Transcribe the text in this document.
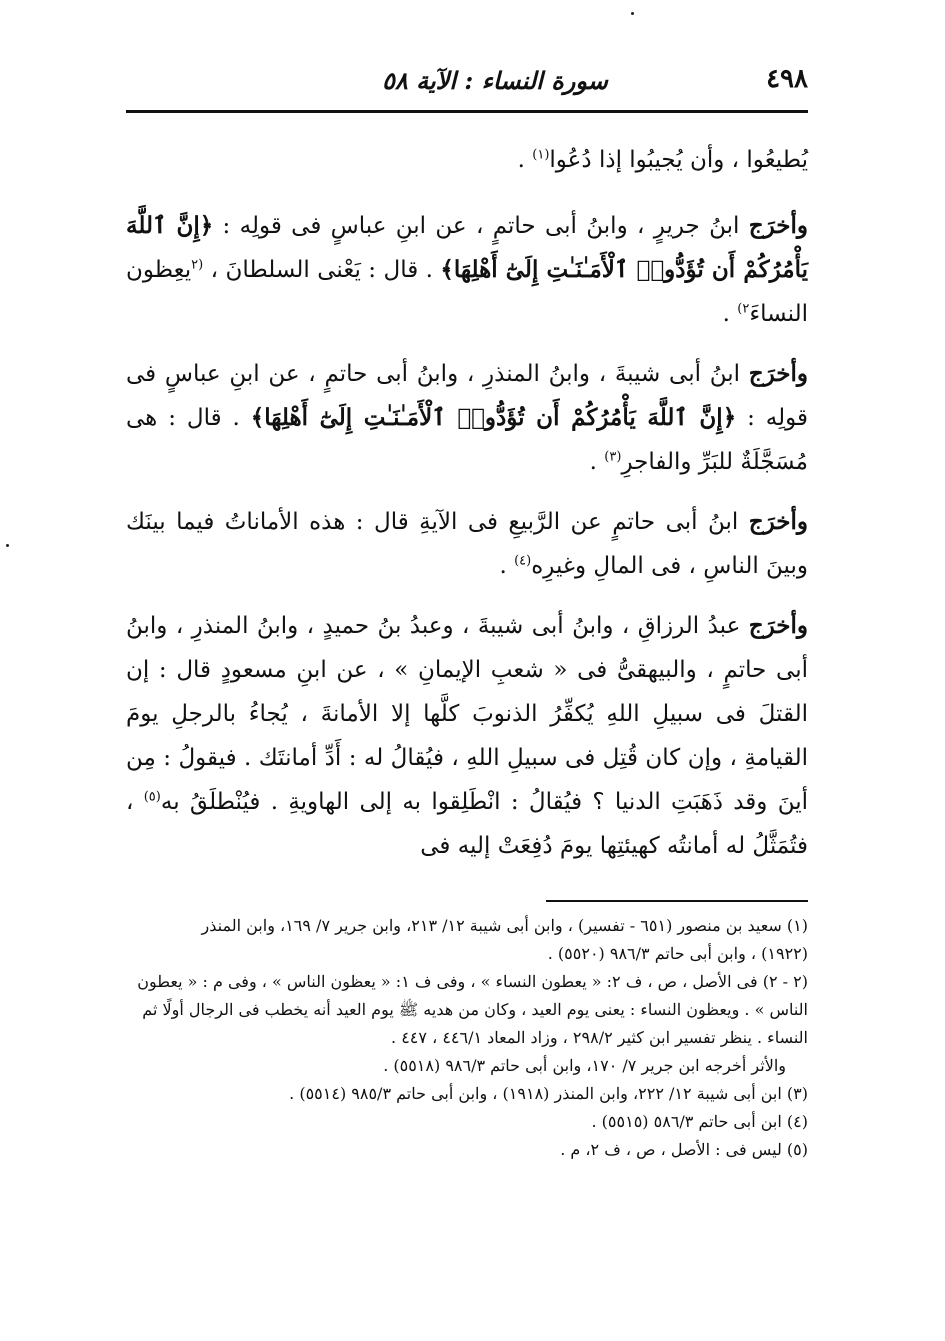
٤٩٨
سورة النساء : الآية ٥٨

يُطيعُوا ، وأن يُجيبُوا إذا دُعُوا$^{(١)}$ .

وأخرَج ابنُ جريرٍ ، وابنُ أبى حاتمٍ ، عن ابنِ عباسٍ فى قولِه : ﴿إِنَّ ٱللَّهَ يَأْمُرُكُمْ أَن تُؤَدُّوا۟ ٱلْأَمَـٰنَـٰتِ إِلَىٰٓ أَهْلِهَا﴾ . قال : يَعْنى السلطانَ ، $^{(٢}$يعِظون النساءَ$^{٢)}$ .

وأخرَج ابنُ أبى شيبةَ ، وابنُ المنذرِ ، وابنُ أبى حاتمٍ ، عن ابنِ عباسٍ فى قولِه : ﴿إِنَّ ٱللَّهَ يَأْمُرُكُمْ أَن تُؤَدُّوا۟ ٱلْأَمَـٰنَـٰتِ إِلَىٰٓ أَهْلِهَا﴾ . قال : هى مُسَجَّلَةٌ للبَرِّ والفاجرِ$^{(٣)}$ .

وأخرَج ابنُ أبى حاتمٍ عن الرَّبيعِ فى الآيةِ قال : هذه الأماناتُ فيما بينَك وبينَ الناسِ ، فى المالِ وغيرِه$^{(٤)}$ .

وأخرَج عبدُ الرزاقِ ، وابنُ أبى شيبةَ ، وعبدُ بنُ حميدٍ ، وابنُ المنذرِ ، وابنُ أبى حاتمٍ ، والبيهقىُّ فى « شعبِ الإيمانِ » ، عن ابنِ مسعودٍ قال : إن القتلَ فى سبيلِ اللهِ يُكفِّرُ الذنوبَ كلَّها إلا الأمانةَ ، يُجاءُ بالرجلِ يومَ القيامةِ ، وإن كان قُتِل فى سبيلِ اللهِ ، فيُقالُ له : أَدِّ أمانتَك . فيقولُ : مِن أينَ وقد ذَهَبَتِ الدنيا ؟ فيُقالُ : انْطَلِقوا به إلى الهاويةِ . فيُنْطلَقُ به$^{(٥)}$ ، فتُمَثَّلُ له أمانتُه كهيئتِها يومَ دُفِعَتْ إليه فى

(١) سعيد بن منصور (٦٥١ - تفسير) ، وابن أبى شيبة ١٢/ ٢١٣، وابن جرير ٧/ ١٦٩، وابن المنذر

(١٩٢٢) ، وابن أبى حاتم ٩٨٦/٣ (٥٥٢٠) .

(٢ - ٢) فى الأصل ، ص ، ف ٢: « يعطون النساء » ، وفى ف ١: « يعظون الناس » ، وفى م : « يعطون

الناس » . ويعظون النساء : يعنى يوم العيد ، وكان من هديه ﷺ يوم العيد أنه يخطب فى الرجال أولًا ثم

النساء . ينظر تفسير ابن كثير ٢٩٨/٢ ، وزاد المعاد ٤٤٦/١ ، ٤٤٧ .

والأثر أخرجه ابن جرير ٧/ ١٧٠، وابن أبى حاتم ٩٨٦/٣ (٥٥١٨) .

(٣) ابن أبى شيبة ١٢/ ٢٢٢، وابن المنذر (١٩١٨) ، وابن أبى حاتم ٩٨٥/٣ (٥٥١٤) .

(٤) ابن أبى حاتم ٥٨٦/٣ (٥٥١٥) .

(٥) ليس فى : الأصل ، ص ، ف ٢، م .
